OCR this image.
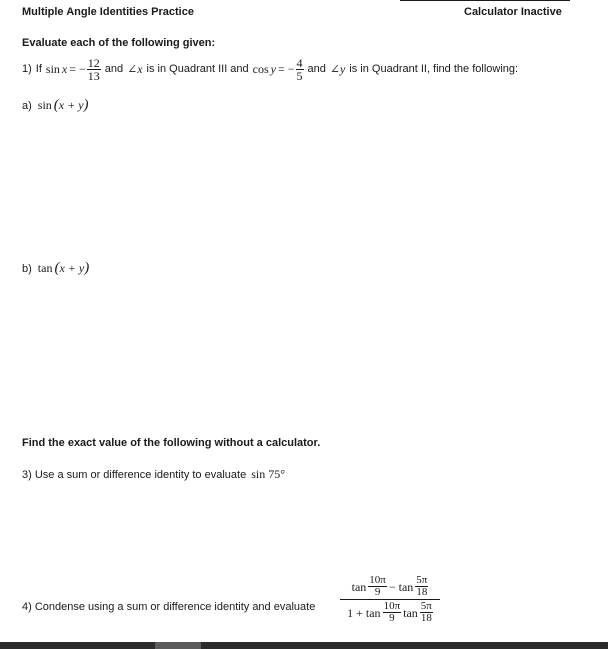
Multiple Angle Identities Practice	Calculator Inactive
Evaluate each of the following given:
1) If sin x = − $\frac{12}{13}$ and ∠x is in Quadrant III and cos y = − $\frac{4}{5}$ and ∠y is in Quadrant II, find the following:
a) sin (x + y)
b) tan (x + y)
Find the exact value of the following without a calculator.
3) Use a sum or difference identity to evaluate sin 75°
4) Condense using a sum or difference identity and evaluate
$\tan \frac{10\pi}{9} - \tan \frac{5\pi}{18}$
$1 + \tan \frac{10\pi}{9}$ $\tan \frac{5\pi}{18}$
